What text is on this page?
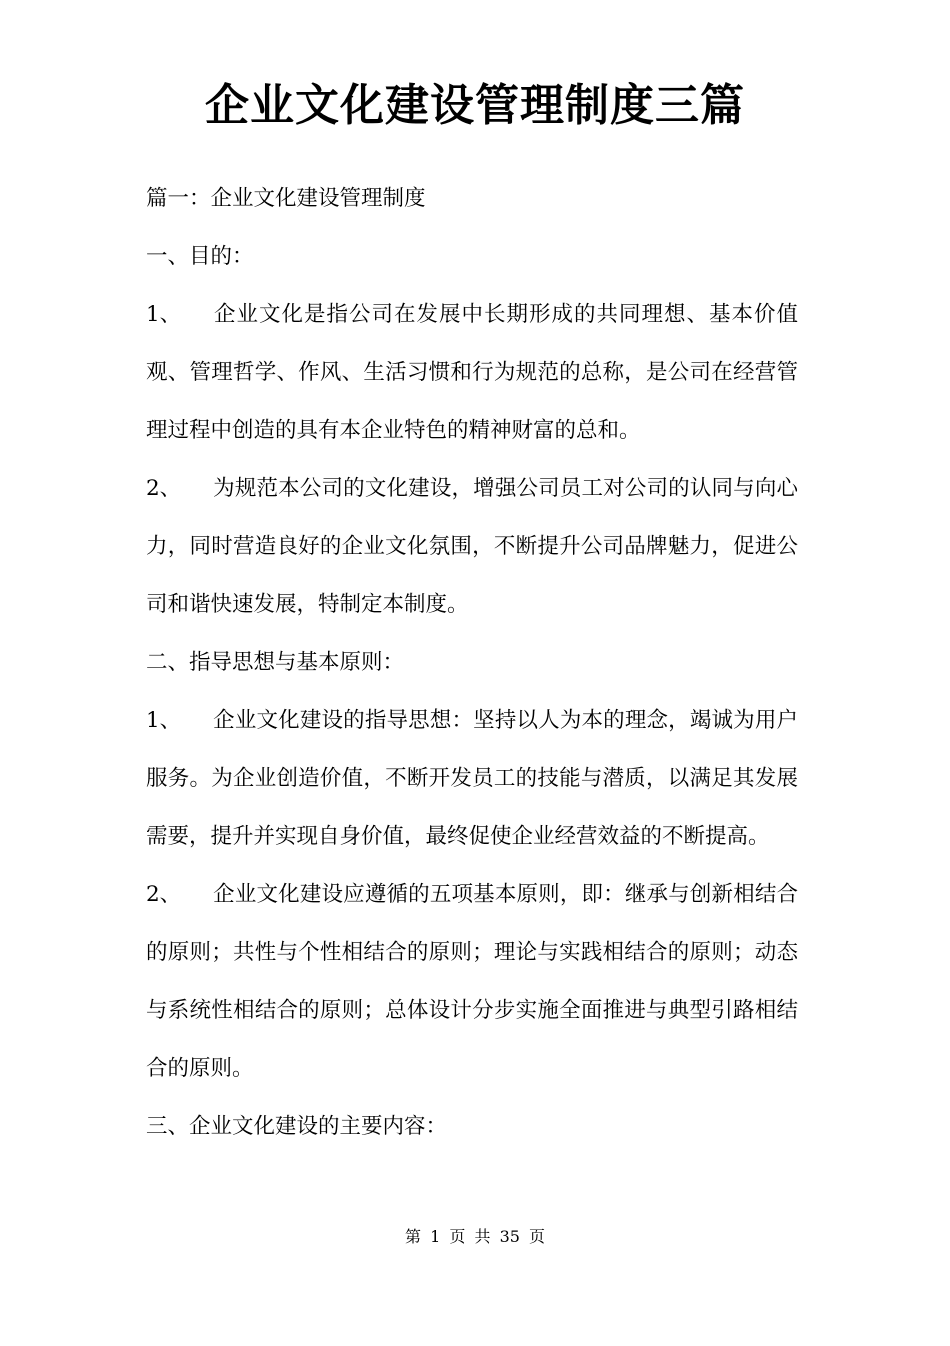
企业文化建设管理制度三篇

篇一：企业文化建设管理制度

一、目的：

1、 企业文化是指公司在发展中长期形成的共同理想、基本价值观、管理哲学、作风、生活习惯和行为规范的总称，是公司在经营管理过程中创造的具有本企业特色的精神财富的总和。

2、 为规范本公司的文化建设，增强公司员工对公司的认同与向心力，同时营造良好的企业文化氛围，不断提升公司品牌魅力，促进公司和谐快速发展，特制定本制度。

二、指导思想与基本原则：

1、 企业文化建设的指导思想：坚持以人为本的理念，竭诚为用户服务。为企业创造价值，不断开发员工的技能与潜质，以满足其发展需要，提升并实现自身价值，最终促使企业经营效益的不断提高。

2、 企业文化建设应遵循的五项基本原则，即：继承与创新相结合的原则；共性与个性相结合的原则；理论与实践相结合的原则；动态与系统性相结合的原则；总体设计分步实施全面推进与典型引路相结合的原则。

三、企业文化建设的主要内容：

第 1 页 共 35 页
